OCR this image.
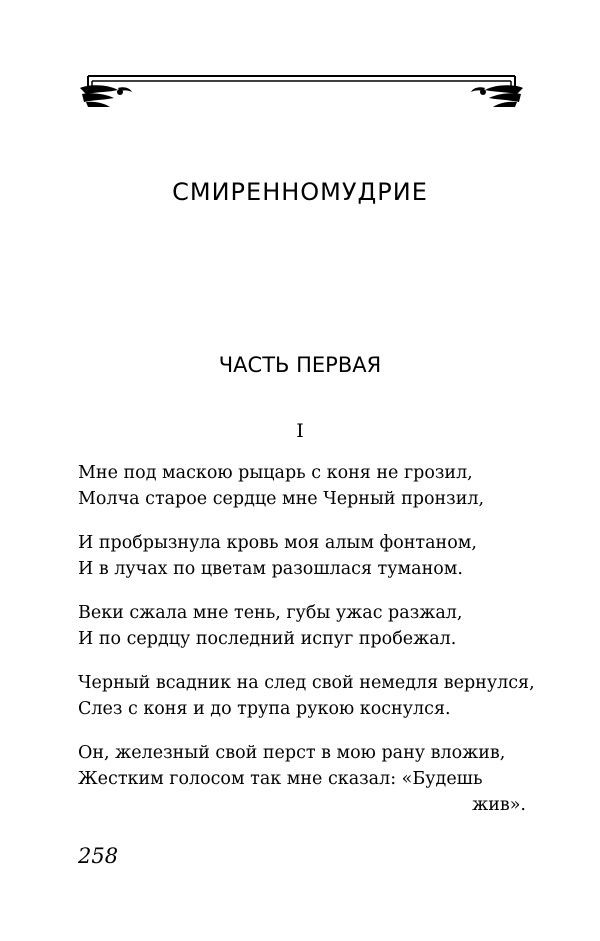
СМИРЕННОМУДРИЕ
ЧАСТЬ ПЕРВАЯ
I

Мне под маскою рыцарь с коня не грозил,
Молча старое сердце мне Черный пронзил,

И пробрызнула кровь моя алым фонтаном,
И в лучах по цветам разошлася туманом.

Веки сжала мне тень, губы ужас разжал,
И по сердцу последний испуг пробежал.

Черный всадник на след свой немедля вернулся,
Слез с коня и до трупа рукою коснулся.

Он, железный свой перст в мою рану вложив,
Жестким голосом так мне сказал: «Будешь
жив».

258
